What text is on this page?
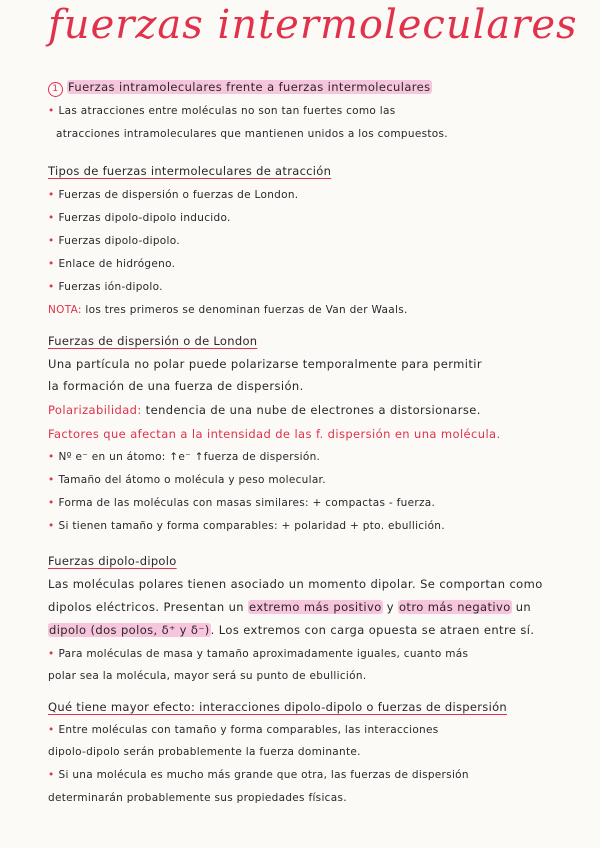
fuerzas intermoleculares
1 Fuerzas intramoleculares frente a fuerzas intermoleculares
• Las atracciones entre moléculas no son tan fuertes como las
atracciones intramoleculares que mantienen unidos a los compuestos.
Tipos de fuerzas intermoleculares de atracción
• Fuerzas de dispersión o fuerzas de London.
• Fuerzas dipolo-dipolo inducido.
• Fuerzas dipolo-dipolo.
• Enlace de hidrógeno.
• Fuerzas ión-dipolo.
NOTA: los tres primeros se denominan fuerzas de Van der Waals.
Fuerzas de dispersión o de London
Una partícula no polar puede polarizarse temporalmente para permitir
la formación de una fuerza de dispersión.
Polarizabilidad: tendencia de una nube de electrones a distorsionarse.
Factores que afectan a la intensidad de las f. dispersión en una molécula.
• Nº e⁻ en un átomo: ↑e⁻ ↑fuerza de dispersión.
• Tamaño del átomo o molécula y peso molecular.
• Forma de las moléculas con masas similares: + compactas - fuerza.
• Si tienen tamaño y forma comparables: + polaridad + pto. ebullición.
Fuerzas dipolo-dipolo
Las moléculas polares tienen asociado un momento dipolar. Se comportan como
dipolos eléctricos. Presentan un extremo más positivo y otro más negativo un
dipolo (dos polos, δ⁺ y δ⁻). Los extremos con carga opuesta se atraen entre sí.
• Para moléculas de masa y tamaño aproximadamente iguales, cuanto más
polar sea la molécula, mayor será su punto de ebullición.
Qué tiene mayor efecto: interacciones dipolo-dipolo o fuerzas de dispersión
• Entre moléculas con tamaño y forma comparables, las interacciones
dipolo-dipolo serán probablemente la fuerza dominante.
• Si una molécula es mucho más grande que otra, las fuerzas de dispersión
determinarán probablemente sus propiedades físicas.
